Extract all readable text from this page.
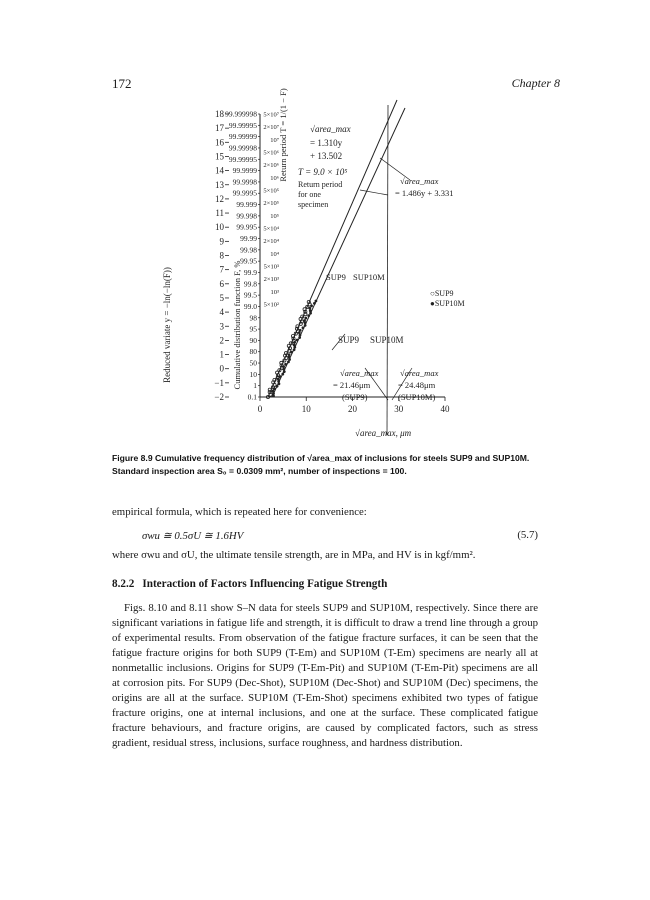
172	Chapter 8
18
17
16
15
14
13
12
11
10
9
8
7
6
5
4
3
2
1
0
−1
−2
99.999998
99.99995
99.99999
99.99998
99.99995
99.9999
99.9998
99.9995
99.999
99.998
99.995
99.99
99.98
99.95
99.9
99.8
99.5
99.0
98
95
90
80
50
10
1
0.1
5×10⁷
2×10⁷
10⁷
5×10⁶
2×10⁶
10⁶
5×10⁵
2×10⁵
10⁵
5×10⁴
2×10⁴
10⁴
5×10³
2×10³
10³
5×10²
0	10	20	30	40
Reduced variate y = −ln(−ln(F))	Cumulative distribution function F, %
Return period T = 1/(1 − F) √area_max
= 1.310y
+ 13.502
T = 9.0 × 10⁵
Return period
for one
specimen
√area_max
= 1.486y + 3.331
SUP9 SUP10M
○SUP9
●SUP10M
SUP9 SUP10M
√area_max
= 21.46μm
(SUP9)
√area_max
= 24.48μm
(SUP10M)
√area_max, μm
Figure 8.9 Cumulative frequency distribution of √area_max of inclusions for steels SUP9 and SUP10M. Standard inspection area S₀ = 0.0309 mm², number of inspections = 100.
empirical formula, which is repeated here for convenience:
σwu ≅ 0.5σU ≅ 1.6HV	(5.7)
where σwu and σU, the ultimate tensile strength, are in MPa, and HV is in kgf/mm².
8.2.2 Interaction of Factors Influencing Fatigue Strength
Figs. 8.10 and 8.11 show S–N data for steels SUP9 and SUP10M, respectively. Since there are significant variations in fatigue life and strength, it is difficult to draw a trend line through a group of experimental results. From observation of the fatigue fracture surfaces, it can be seen that the fatigue fracture origins for both SUP9 (T-Em) and SUP10M (T-Em) specimens are nearly all at nonmetallic inclusions. Origins for SUP9 (T-Em-Pit) and SUP10M (T-Em-Pit) specimens are all at corrosion pits. For SUP9 (Dec-Shot), SUP10M (Dec-Shot) and SUP10M (Dec) specimens, the origins are all at the surface. SUP10M (T-Em-Shot) specimens exhibited two types of fatigue fracture origins, one at internal inclusions, and one at the surface. These complicated fatigue fracture behaviours, and fracture origins, are caused by complicated factors, such as stress gradient, residual stress, inclusions, surface roughness, and hardness distribution.
